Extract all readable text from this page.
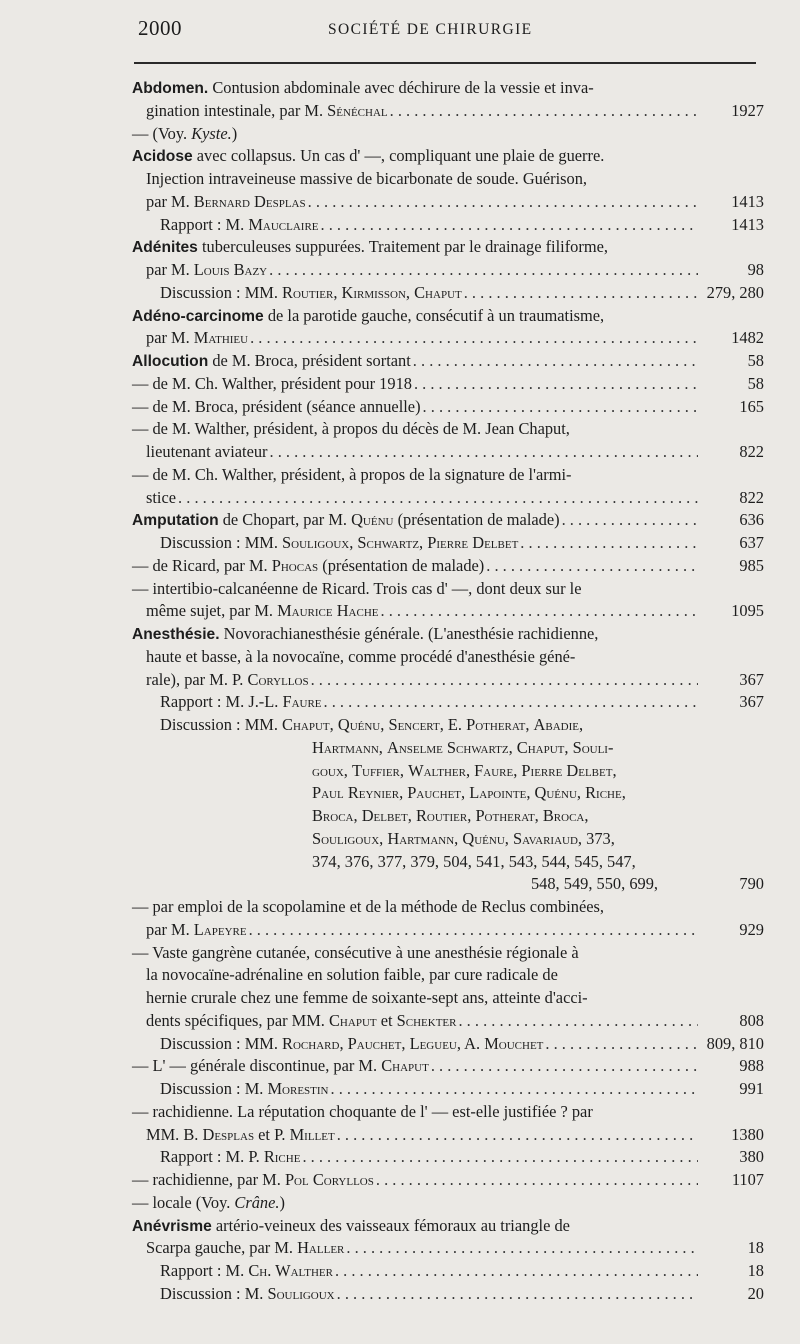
2000	SOCIÉTÉ DE CHIRURGIE
Abdomen. Contusion abdominale avec déchirure de la vessie et inva-
gination intestinale, par M. Sénéchal . . .	1927
— (Voy. Kyste.)
Acidose avec collapsus. Un cas d' —, compliquant une plaie de guerre.
Injection intraveineuse massive de bicarbonate de soude. Guérison,
par M. Bernard Desplas . . .	1413
Rapport : M. Mauclaire . . .	1413
Adénites tuberculeuses suppurées. Traitement par le drainage filiforme,
par M. Louis Bazy . . .	98
Discussion : MM. Routier, Kirmisson, Chaput . . .	279, 280
Adéno-carcinome de la parotide gauche, consécutif à un traumatisme,
par M. Mathieu . . .	1482
Allocution de M. Broca, président sortant . . .	58
— de M. Ch. Walther, président pour 1918 . . .	58
— de M. Broca, président (séance annuelle) . . .	165
— de M. Walther, président, à propos du décès de M. Jean Chaput,
lieutenant aviateur . . .	822
— de M. Ch. Walther, président, à propos de la signature de l'armi-
stice . . .	822
Amputation de Chopart, par M. Quénu (présentation de malade) . . .	636
Discussion : MM. Souligoux, Schwartz, Pierre Delbet . . .	637
— de Ricard, par M. Phocas (présentation de malade) . . .	985
— intertibio-calcanéenne de Ricard. Trois cas d' —, dont deux sur le
même sujet, par M. Maurice Hache . . .	1095
Anesthésie. Novorachianesthésie générale. (L'anesthésie rachidienne,
haute et basse, à la novocaïne, comme procédé d'anesthésie géné-
rale), par M. P. Coryllos . . .	367
Rapport : M. J.-L. Faure . . .	367
Discussion : MM. Chaput, Quénu, Sencert, E. Potherat, Abadie,
Hartmann, Anselme Schwartz, Chaput, Souli-
goux, Tuffier, Walther, Faure, Pierre Delbet,
Paul Reynier, Pauchet, Lapointe, Quénu, Riche,
Broca, Delbet, Routier, Potherat, Broca,
Souligoux, Hartmann, Quénu, Savariaud, 373,
374, 376, 377, 379, 504, 541, 543, 544, 545, 547,
548, 549, 550, 699,	790
— par emploi de la scopolamine et de la méthode de Reclus combinées,
par M. Lapeyre . . .	929
— Vaste gangrène cutanée, consécutive à une anesthésie régionale à
la novocaïne-adrénaline en solution faible, par cure radicale de
hernie crurale chez une femme de soixante-sept ans, atteinte d'acci-
dents spécifiques, par MM. Chaput et Schekter . . .	808
Discussion : MM. Rochard, Pauchet, Legueu, A. Mouchet . . .	809, 810
— L' — générale discontinue, par M. Chaput . . .	988
Discussion : M. Morestin . . .	991
— rachidienne. La réputation choquante de l' — est-elle justifiée ? par
MM. B. Desplas et P. Millet . . .	1380
Rapport : M. P. Riche . . .	380
— rachidienne, par M. Pol Coryllos . . .	1107
— locale (Voy. Crâne.)
Anévrisme artério-veineux des vaisseaux fémoraux au triangle de
Scarpa gauche, par M. Haller . . .	18
Rapport : M. Ch. Walther . . .	18
Discussion : M. Souligoux . . .	20
